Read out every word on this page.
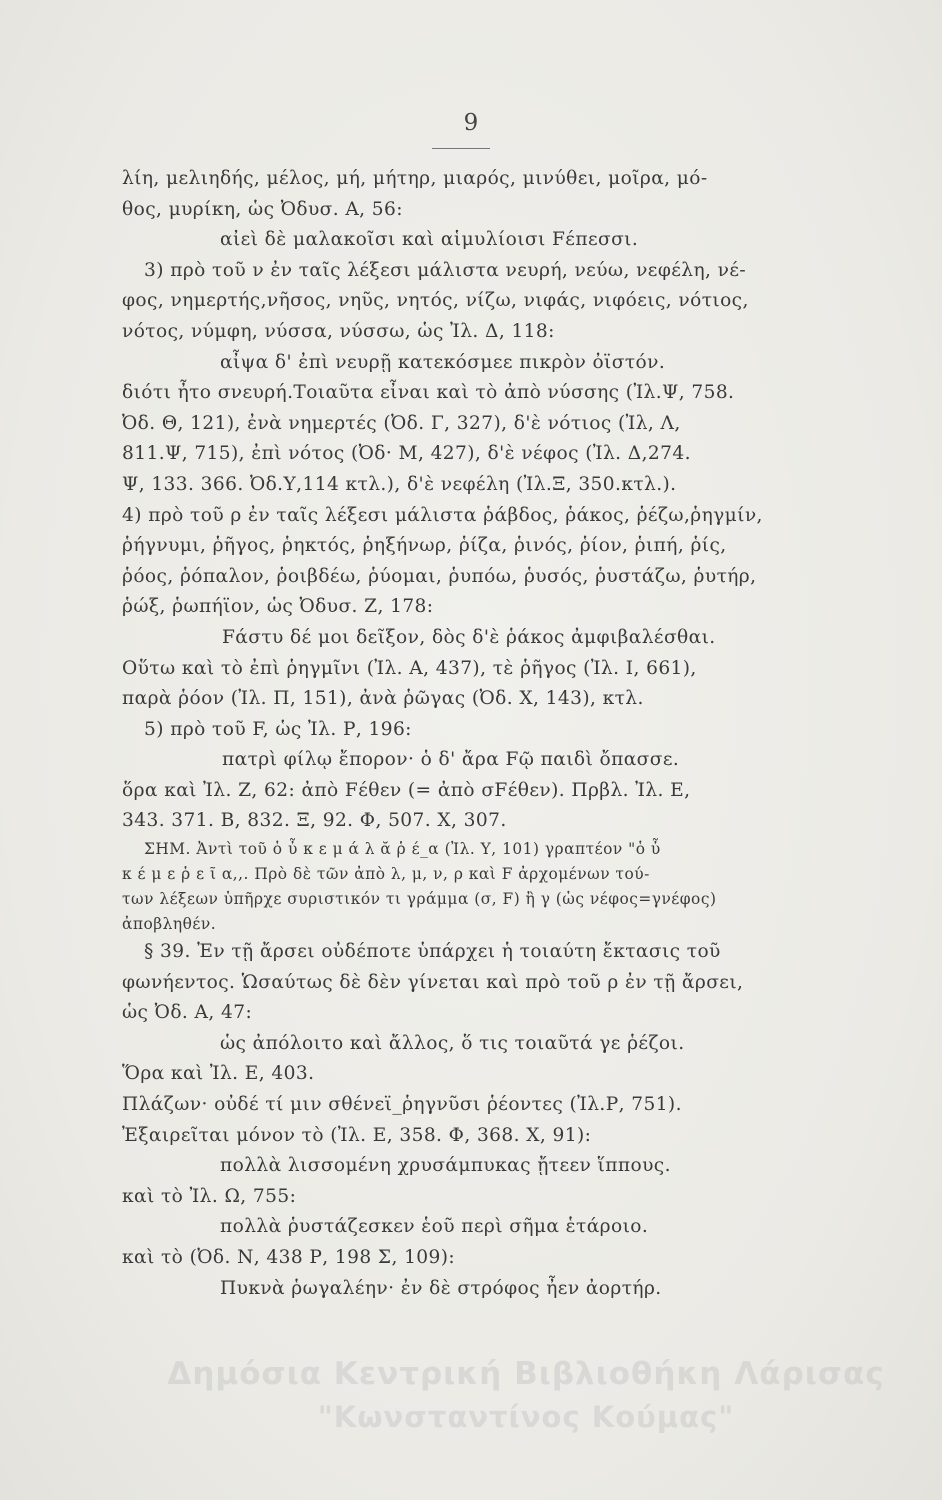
9
λίη, μελιηδής, μέλος, μή, μήτηρ, μιαρός, μινύθει, μοῖρα, μό-
θος, μυρίκη, ὡς Ὀδυσ. Α, 56:
αἰεὶ δὲ μαλακοῖσι καὶ αἱμυλίοισι Fέπεσσι.
3) πρὸ τοῦ ν ἐν ταῖς λέξεσι μάλιστα νευρή, νεύω, νεφέλη, νέ-
φος, νημερτής,νῆσος, νηῦς, νητός, νίζω, νιφάς, νιφόεις, νότιος,
νότος, νύμφη, νύσσα, νύσσω, ὡς Ἰλ. Δ, 118:
αἶψα δ' ἐπὶ νευρῇ κατεκόσμεε πικρὸν ὀϊστόν.
διότι ἦτο σνευρή.Τοιαῦτα εἶναι καὶ τὸ ἀπὸ νύσσης (Ἰλ.Ψ, 758.
Ὀδ. Θ, 121), ἐνὰ νημερτές (Ὀδ. Γ, 327), δ'ὲ νότιος (Ἰλ, Λ,
811.Ψ, 715), ἐπὶ νότος (Ὀδ· Μ, 427), δ'ὲ νέφος (Ἰλ. Δ,274.
Ψ, 133. 366. Ὀδ.Υ,114 κτλ.), δ'ὲ νεφέλη (Ἰλ.Ξ, 350.κτλ.).
4) πρὸ τοῦ ρ ἐν ταῖς λέξεσι μάλιστα ῥάβδος, ῥάκος, ῥέζω,ῥηγμίν,
ῥήγνυμι, ῥῆγος, ῥηκτός, ῥηξήνωρ, ῥίζα, ῥινός, ῥίον, ῥιπή, ῥίς,
ῥόος, ῥόπαλον, ῥοιβδέω, ῥύομαι, ῥυπόω, ῥυσός, ῥυστάζω, ῥυτήρ,
ῥώξ, ῥωπήϊον, ὡς Ὀδυσ. Ζ, 178:
Fάστυ δέ μοι δεῖξον, δὸς δ'ὲ ῥάκος ἀμφιβαλέσθαι.
Οὕτω καὶ τὸ ἐπὶ ῥηγμῖνι (Ἰλ. Α, 437), τὲ ῥῆγος (Ἰλ. Ι, 661),
παρὰ ῥόον (Ἰλ. Π, 151), ἀνὰ ῥῶγας (Ὀδ. Χ, 143), κτλ.
5) πρὸ τοῦ F, ὡς Ἰλ. Ρ, 196:
πατρὶ φίλῳ ἔπορον· ὁ δ' ἄρα Fῷ παιδὶ ὄπασσε.
ὅρα καὶ Ἰλ. Ζ, 62: ἀπὸ Fέθεν (= ἀπὸ σFέθεν). Πρβλ. Ἰλ. Ε,
343. 371. Β, 832. Ξ, 92. Φ, 507. Χ, 307.
ΣΗΜ. Ἀντὶ τοῦ ὁ ὖ κ ε μ ά λ ᾰ ῥ έ_α (Ἰλ. Υ, 101) γραπτέον "ὁ ὖ
κ έ μ ε ῥ ε ῖ α,,. Πρὸ δὲ τῶν ἀπὸ λ, μ, ν, ρ καὶ F ἀρχομένων τού-
των λέξεων ὑπῆρχε συριστικόν τι γράμμα (σ, F) ἢ γ (ὡς νέφος=γνέφος)
ἀποβληθέν.
§ 39. Ἐν τῇ ἄρσει οὐδέποτε ὑπάρχει ἡ τοιαύτη ἔκτασις τοῦ
φωνήεντος. Ὡσαύτως δὲ δὲν γίνεται καὶ πρὸ τοῦ ρ ἐν τῇ ἄρσει,
ὡς Ὀδ. Α, 47:
ὡς ἀπόλοιτο καὶ ἄλλος, ὅ τις τοιαῦτά γε ῥέζοι.
Ὅρα καὶ Ἰλ. Ε, 403.
Πλάζων· οὐδέ τί μιν σθένεϊ_ῥηγνῦσι ῥέοντες (Ἰλ.Ρ, 751).
Ἐξαιρεῖται μόνον τὸ (Ἰλ. Ε, 358. Φ, 368. Χ, 91):
πολλὰ λισσομένη χρυσάμπυκας ᾔτεεν ἵππους.
καὶ τὸ Ἰλ. Ω, 755:
πολλὰ ῥυστάζεσκεν ἑοῦ περὶ σῆμα ἑτάροιο.
καὶ τὸ (Ὀδ. Ν, 438 Ρ, 198 Σ, 109):
Πυκνὰ ῥωγαλέην· ἐν δὲ στρόφος ἦεν ἀορτήρ.
Δημόσια Κεντρική Βιβλιοθήκη Λάρισας
"Κωνσταντίνος Κούμας"
